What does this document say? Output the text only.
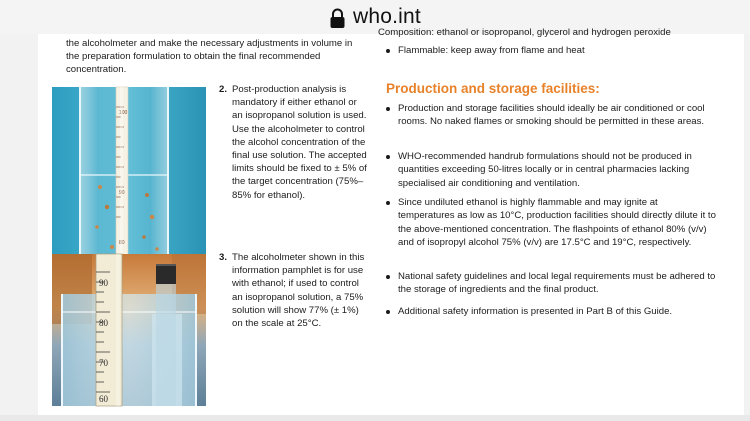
who.int
Composition: ethanol or isopropanol, glycerol and hydrogen peroxide
the alcoholmeter and make the necessary adjustments in volume in the preparation formulation to obtain the final recommended concentration.
100
90
80
90
80
70
60
2. Post-production analysis is mandatory if either ethanol or an isopropanol solution is used. Use the alcoholmeter to control the alcohol concentration of the final use solution. The accepted limits should be fixed to ± 5% of the target concentration (75%–85% for ethanol).
3. The alcoholmeter shown in this information pamphlet is for use with ethanol; if used to control an isopropanol solution, a 75% solution will show 77% (± 1%) on the scale at 25°C.
Flammable: keep away from flame and heat
Production and storage facilities:
Production and storage facilities should ideally be air conditioned or cool rooms. No naked flames or smoking should be permitted in these areas.
WHO-recommended handrub formulations should not be produced in quantities exceeding 50-litres locally or in central pharmacies lacking specialised air conditioning and ventilation.
Since undiluted ethanol is highly flammable and may ignite at temperatures as low as 10°C, production facilities should directly dilute it to the above-mentioned concentration. The flashpoints of ethanol 80% (v/v) and of isopropyl alcohol 75% (v/v) are 17.5°C and 19°C, respectively.
National safety guidelines and local legal requirements must be adhered to the storage of ingredients and the final product.
Additional safety information is presented in Part B of this Guide.
